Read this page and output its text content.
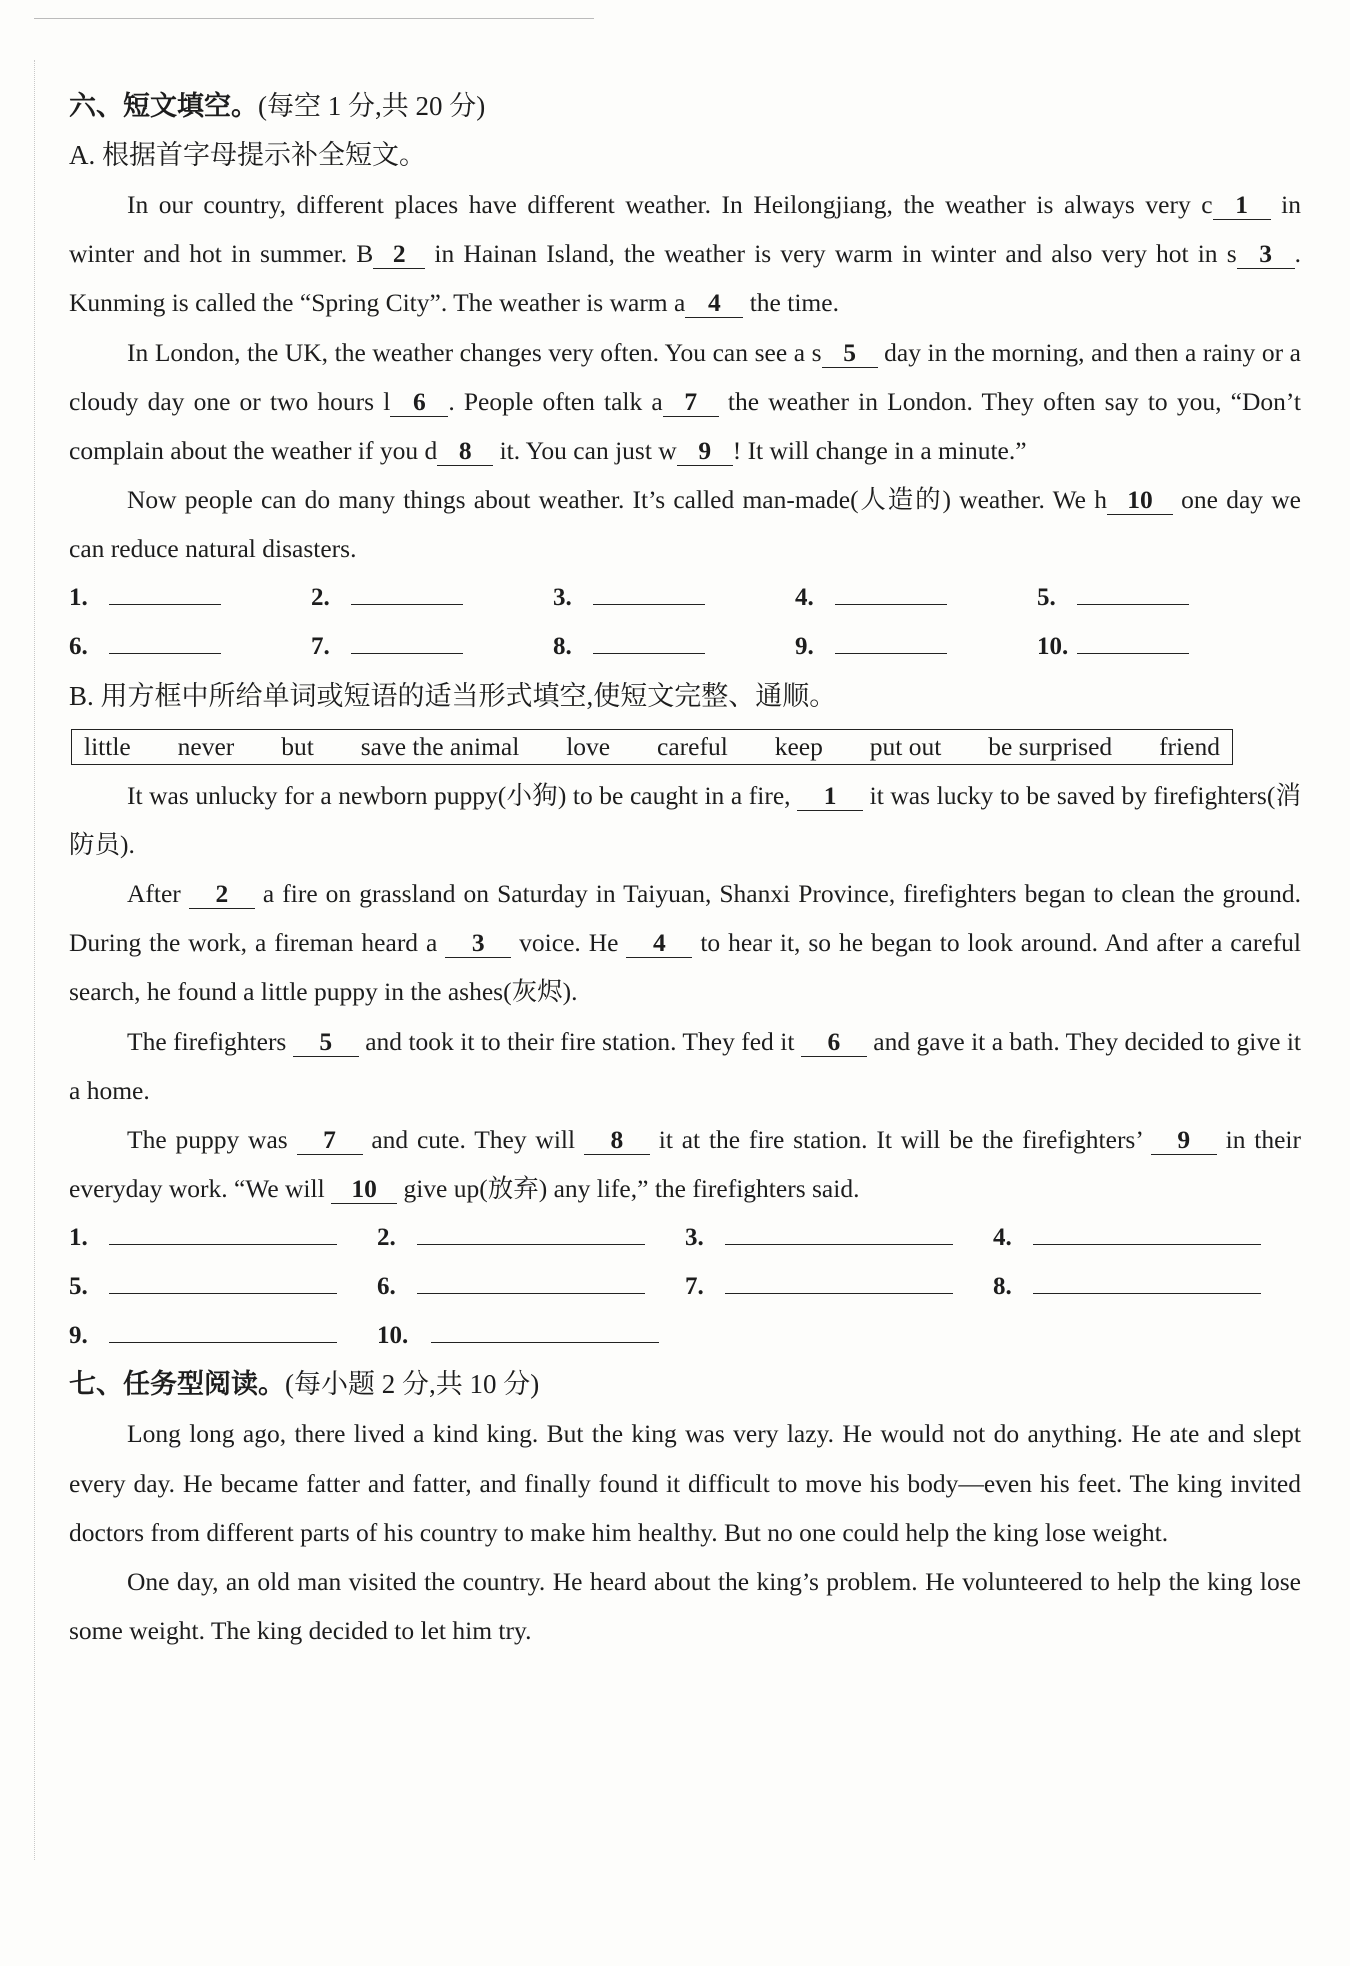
六、短文填空。(每空 1 分,共 20 分)
A. 根据首字母提示补全短文。

In our country, different places have different weather. In Heilongjiang, the weather is always very c 1 in winter and hot in summer. B 2 in Hainan Island, the weather is very warm in winter and also very hot in s 3 . Kunming is called the “Spring City”. The weather is warm a 4 the time.

In London, the UK, the weather changes very often. You can see a s 5 day in the morning, and then a rainy or a cloudy day one or two hours l 6 . People often talk a 7 the weather in London. They often say to you, “Don’t complain about the weather if you d 8 it. You can just w 9 ! It will change in a minute.”

Now people can do many things about weather. It’s called man-made(人造的) weather. We h 10 one day we can reduce natural disasters.

1.	2.	3.	4.	5.
6.	7.	8.	9.	10.
B. 用方框中所给单词或短语的适当形式填空,使短文完整、通顺。
little never but save the animal love careful keep put out be surprised friend

It was unlucky for a newborn puppy(小狗) to be caught in a fire, 1 it was lucky to be saved by firefighters(消防员).

After 2 a fire on grassland on Saturday in Taiyuan, Shanxi Province, firefighters began to clean the ground. During the work, a fireman heard a 3 voice. He 4 to hear it, so he began to look around. And after a careful search, he found a little puppy in the ashes(灰烬).

The firefighters 5 and took it to their fire station. They fed it 6 and gave it a bath. They decided to give it a home.

The puppy was 7 and cute. They will 8 it at the fire station. It will be the firefighters’ 9 in their everyday work. “We will 10 give up(放弃) any life,” the firefighters said.

1.	2.	3.	4.
5.	6.	7.	8.
9.	10.
七、任务型阅读。(每小题 2 分,共 10 分)

Long long ago, there lived a kind king. But the king was very lazy. He would not do anything. He ate and slept every day. He became fatter and fatter, and finally found it difficult to move his body—even his feet. The king invited doctors from different parts of his country to make him healthy. But no one could help the king lose weight.

One day, an old man visited the country. He heard about the king’s problem. He volunteered to help the king lose some weight. The king decided to let him try.
